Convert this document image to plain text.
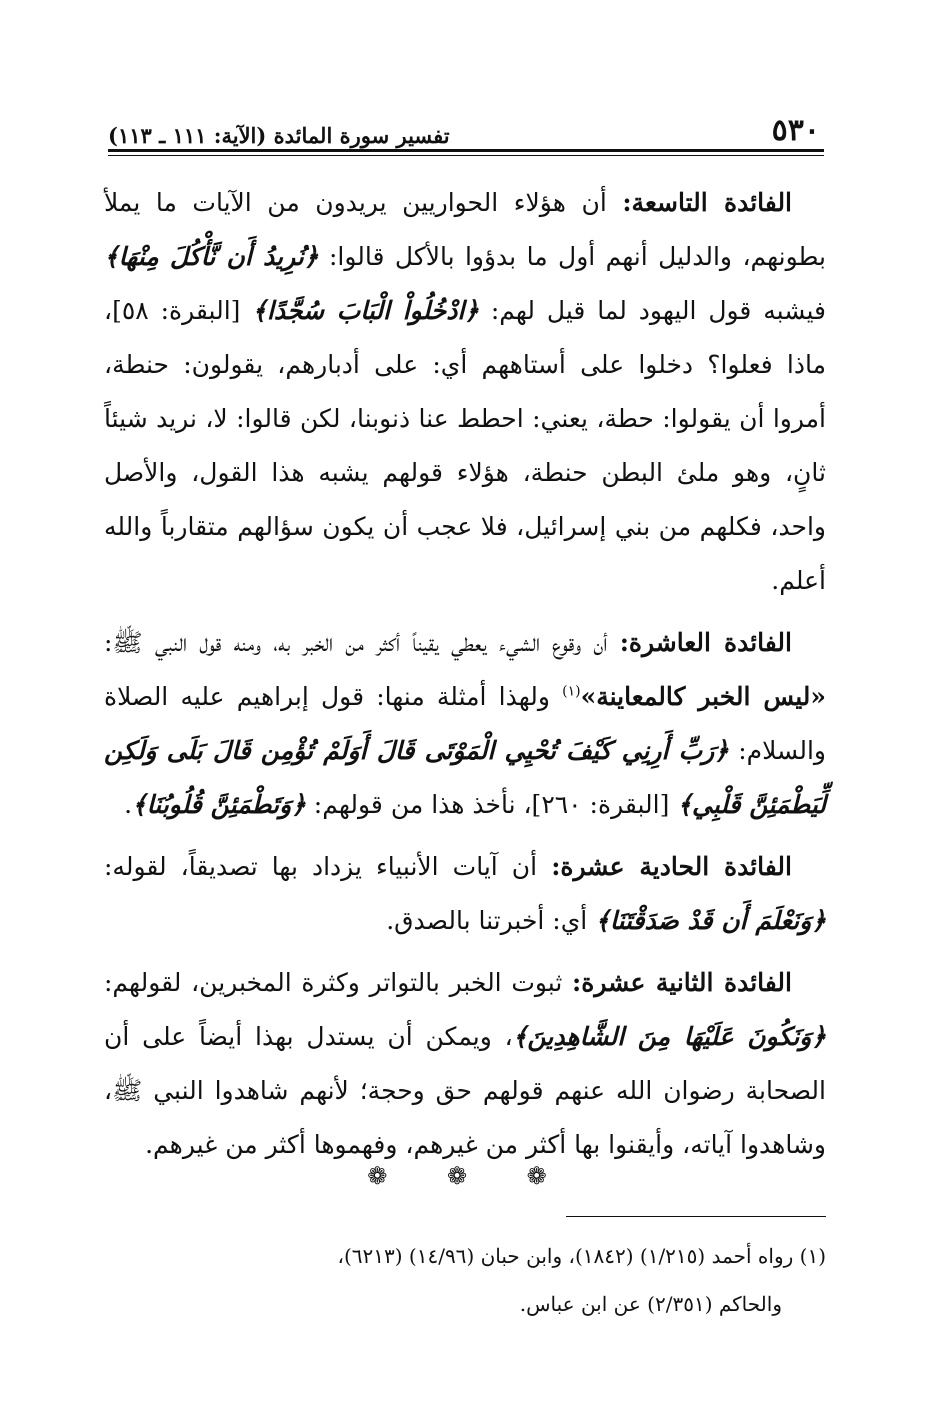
٥٣٠
تفسير سورة المائدة (الآية: ١١١ ـ ١١٣)

الفائدة التاسعة: أن هؤلاء الحواريين يريدون من الآيات ما يملأ بطونهم، والدليل أنهم أول ما بدؤوا بالأكل قالوا: ﴿نُرِيدُ أَن نَّأْكُلَ مِنْهَا﴾ فيشبه قول اليهود لما قيل لهم: ﴿ادْخُلُواْ الْبَابَ سُجَّدًا﴾ [البقرة: ٥٨]، ماذا فعلوا؟ دخلوا على أستاههم أي: على أدبارهم، يقولون: حنطة، أمروا أن يقولوا: حطة، يعني: احطط عنا ذنوبنا، لكن قالوا: لا، نريد شيئاً ثانٍ، وهو ملئ البطن حنطة، هؤلاء قولهم يشبه هذا القول، والأصل واحد، فكلهم من بني إسرائيل، فلا عجب أن يكون سؤالهم متقارباً والله أعلم.

الفائدة العاشرة: أن وقوع الشيء يعطي يقيناً أكثر من الخبر به، ومنه قول النبي ﷺ: «ليس الخبر كالمعاينة»$^{(١)}$ ولهذا أمثلة منها: قول إبراهيم عليه الصلاة والسلام: ﴿رَبِّ أَرِنِي كَيْفَ تُحْيِي الْمَوْتَى قَالَ أَوَلَمْ تُؤْمِن قَالَ بَلَى وَلَكِن لِّيَطْمَئِنَّ قَلْبِي﴾ [البقرة: ٢٦٠]، نأخذ هذا من قولهم: ﴿وَتَطْمَئِنَّ قُلُوبُنَا﴾.

الفائدة الحادية عشرة: أن آيات الأنبياء يزداد بها تصديقاً، لقوله: ﴿وَنَعْلَمَ أَن قَدْ صَدَقْتَنَا﴾ أي: أخبرتنا بالصدق.

الفائدة الثانية عشرة: ثبوت الخبر بالتواتر وكثرة المخبرين، لقولهم: ﴿وَنَكُونَ عَلَيْهَا مِنَ الشَّاهِدِينَ﴾، ويمكن أن يستدل بهذا أيضاً على أن الصحابة رضوان الله عنهم قولهم حق وحجة؛ لأنهم شاهدوا النبي ﷺ، وشاهدوا آياته، وأيقنوا بها أكثر من غيرهم، وفهموها أكثر من غيرهم.

❁ ❁ ❁

(١) رواه أحمد (١/٢١٥) (١٨٤٢)، وابن حبان (١٤/٩٦) (٦٢١٣)،

والحاكم (٢/٣٥١) عن ابن عباس.
